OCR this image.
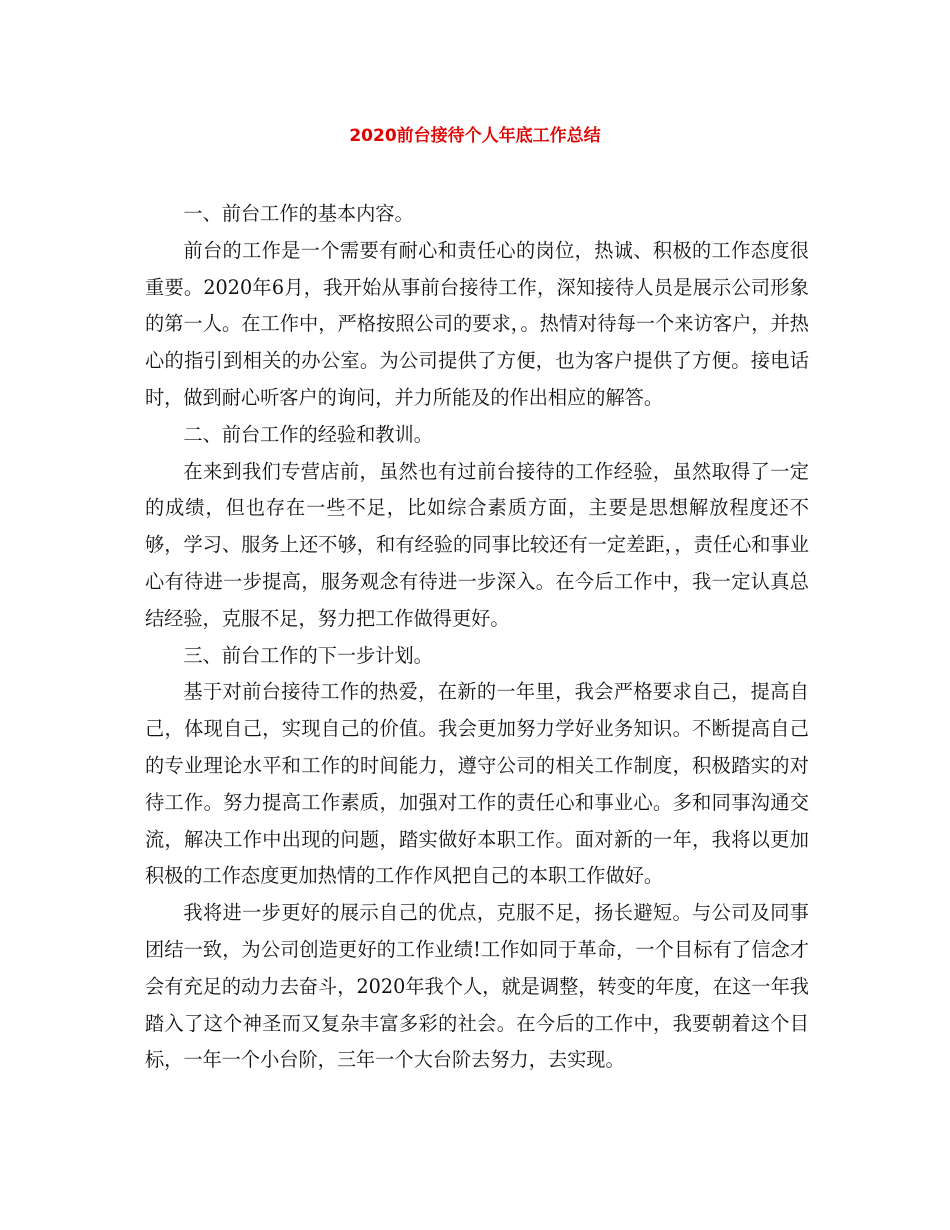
2020前台接待个人年底工作总结

一、前台工作的基本内容。

前台的工作是一个需要有耐心和责任心的岗位，热诚、积极的工作态度很重要。2020年6月，我开始从事前台接待工作，深知接待人员是展示公司形象的第一人。在工作中，严格按照公司的要求，。热情对待每一个来访客户，并热心的指引到相关的办公室。为公司提供了方便，也为客户提供了方便。接电话时，做到耐心听客户的询问，并力所能及的作出相应的解答。

二、前台工作的经验和教训。

在来到我们专营店前，虽然也有过前台接待的工作经验，虽然取得了一定的成绩，但也存在一些不足，比如综合素质方面，主要是思想解放程度还不够，学习、服务上还不够，和有经验的同事比较还有一定差距，，责任心和事业心有待进一步提高，服务观念有待进一步深入。在今后工作中，我一定认真总结经验，克服不足，努力把工作做得更好。

三、前台工作的下一步计划。

基于对前台接待工作的热爱，在新的一年里，我会严格要求自己，提高自己，体现自己，实现自己的价值。我会更加努力学好业务知识。不断提高自己的专业理论水平和工作的时间能力，遵守公司的相关工作制度，积极踏实的对待工作。努力提高工作素质，加强对工作的责任心和事业心。多和同事沟通交流，解决工作中出现的问题，踏实做好本职工作。面对新的一年，我将以更加积极的工作态度更加热情的工作作风把自己的本职工作做好。

我将进一步更好的展示自己的优点，克服不足，扬长避短。与公司及同事团结一致，为公司创造更好的工作业绩!工作如同于革命，一个目标有了信念才会有充足的动力去奋斗，2020年我个人，就是调整，转变的年度，在这一年我踏入了这个神圣而又复杂丰富多彩的社会。在今后的工作中，我要朝着这个目标，一年一个小台阶，三年一个大台阶去努力，去实现。
